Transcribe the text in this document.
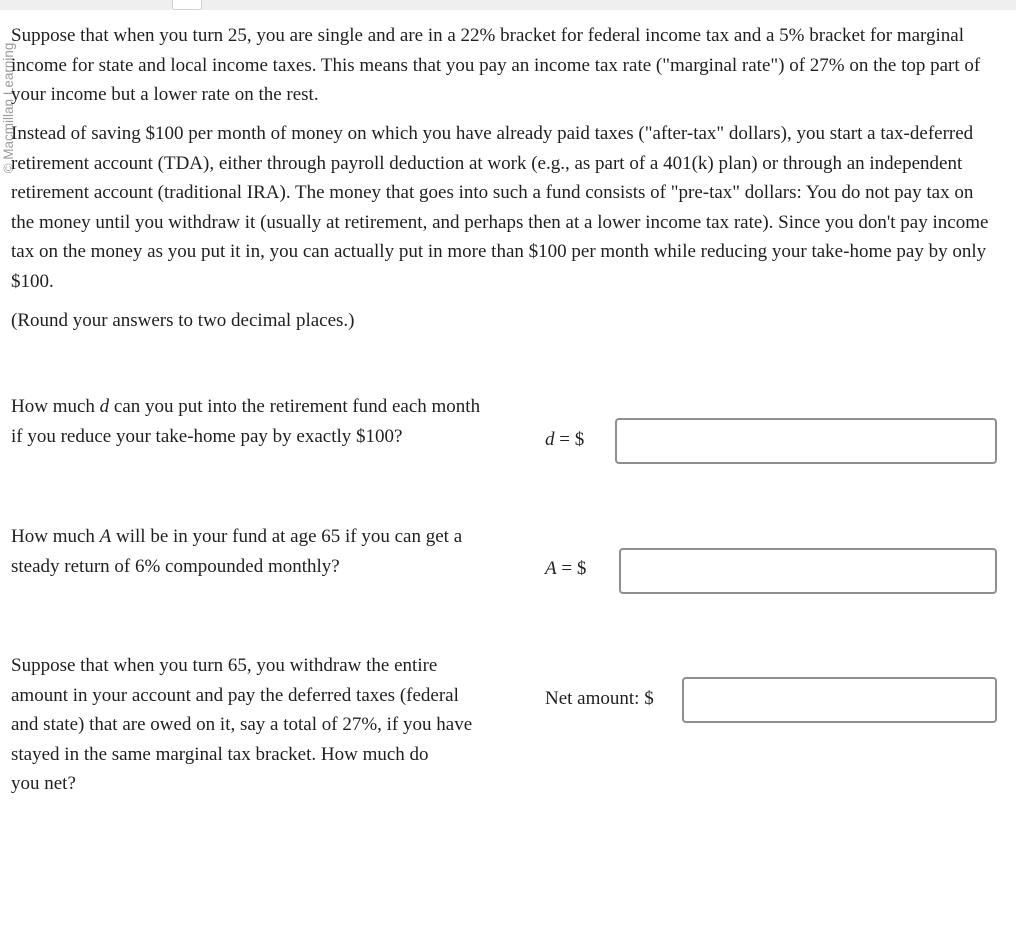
© Macmillan Learning

Suppose that when you turn 25, you are single and are in a 22% bracket for federal income tax and a 5% bracket for marginal
income for state and local income taxes. This means that you pay an income tax rate ("marginal rate") of 27% on the top part of
your income but a lower rate on the rest.

Instead of saving $100 per month of money on which you have already paid taxes ("after-tax" dollars), you start a tax-deferred
retirement account (TDA), either through payroll deduction at work (e.g., as part of a 401(k) plan) or through an independent
retirement account (traditional IRA). The money that goes into such a fund consists of "pre-tax" dollars: You do not pay tax on
the money until you withdraw it (usually at retirement, and perhaps then at a lower income tax rate). Since you don't pay income
tax on the money as you put it in, you can actually put in more than $100 per month while reducing your take-home pay by only
$100.

(Round your answers to two decimal places.)

How much d can you put into the retirement fund each month
if you reduce your take-home pay by exactly $100?	d = $
How much A will be in your fund at age 65 if you can get a
steady return of 6% compounded monthly?	A = $
Suppose that when you turn 65, you withdraw the entire
amount in your account and pay the deferred taxes (federal
and state) that are owed on it, say a total of 27%, if you have
stayed in the same marginal tax bracket. How much do
you net?
Net amount: $
